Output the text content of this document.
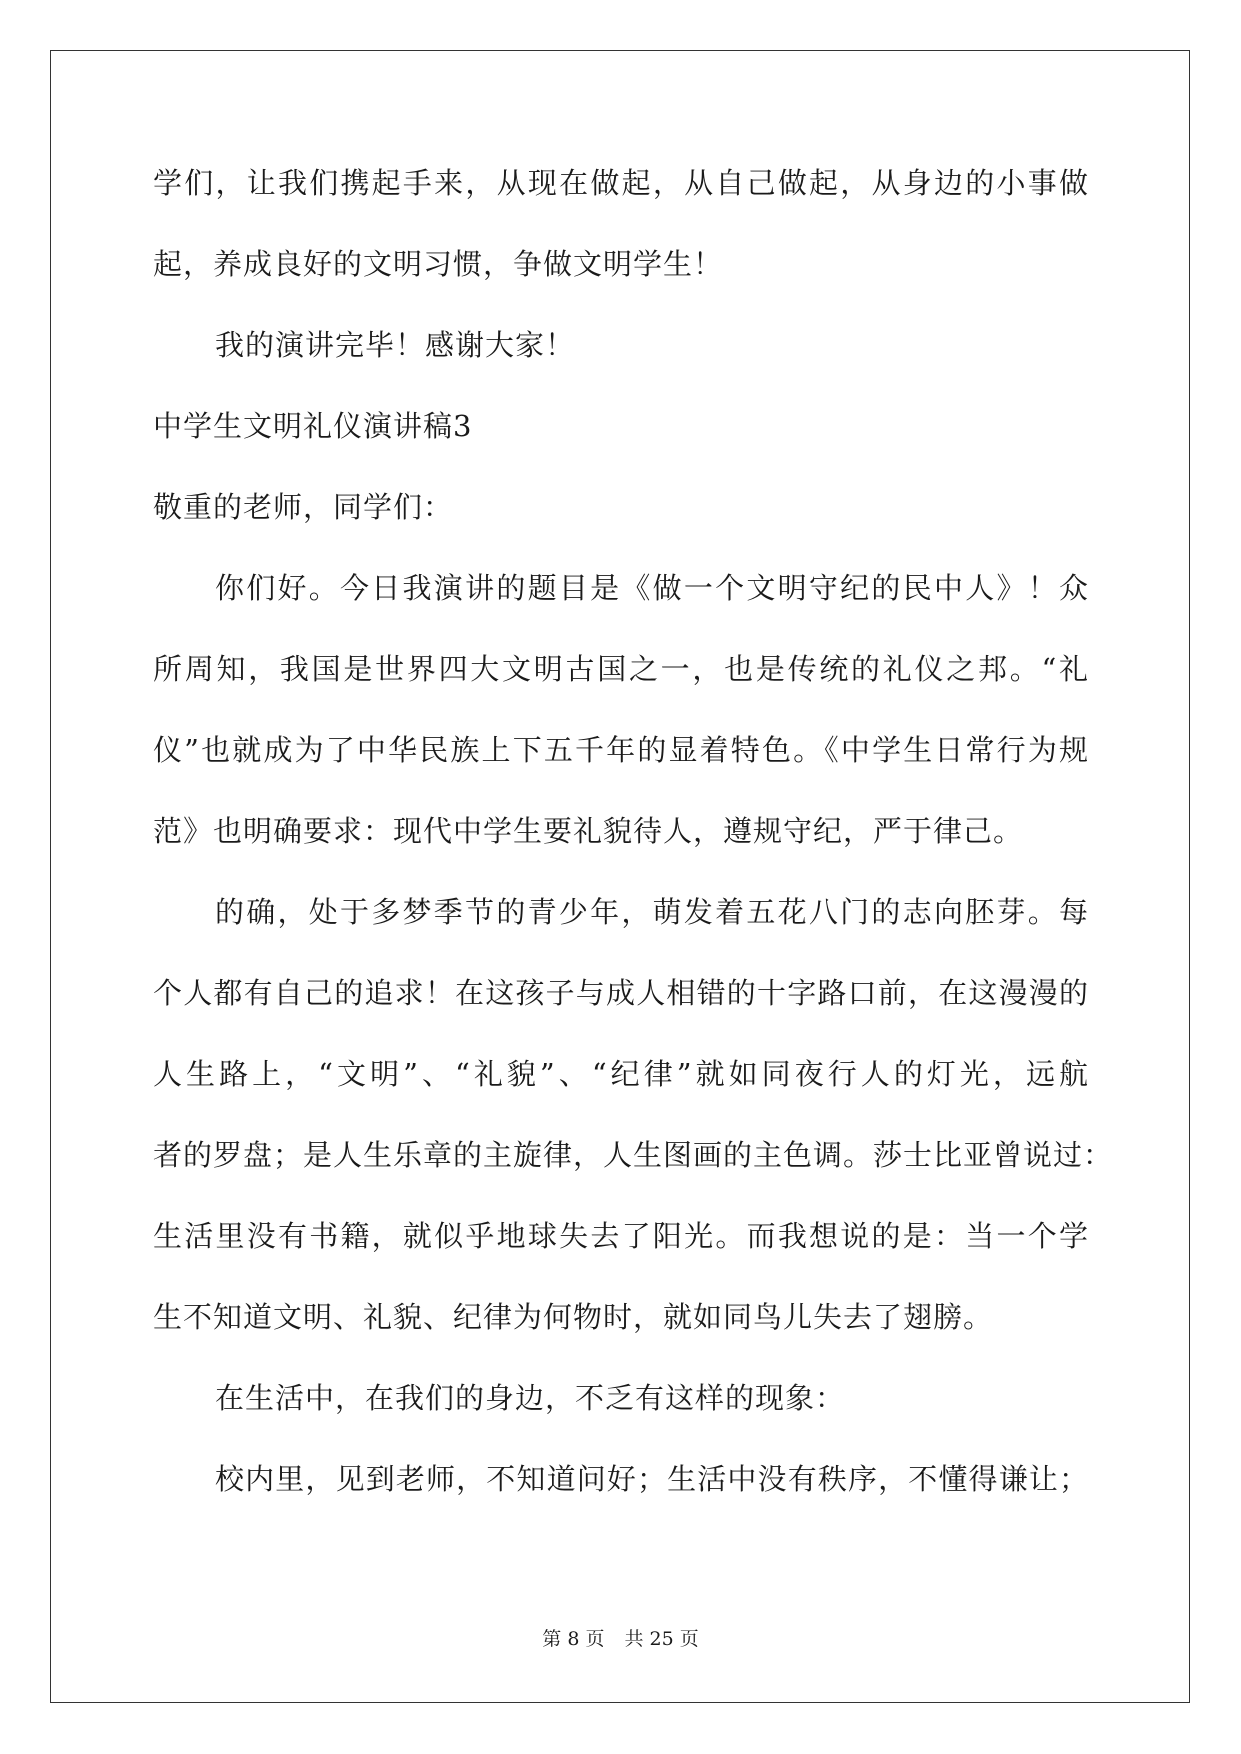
学们，让我们携起手来，从现在做起，从自己做起，从身边的小事做
起，养成良好的文明习惯，争做文明学生！
我的演讲完毕！感谢大家！
中学生文明礼仪演讲稿3
敬重的老师，同学们：
你们好。今日我演讲的题目是《做一个文明守纪的民中人》！众
所周知，我国是世界四大文明古国之一，也是传统的礼仪之邦。“礼
仪”也就成为了中华民族上下五千年的显着特色。《中学生日常行为规
范》也明确要求：现代中学生要礼貌待人，遵规守纪，严于律己。
的确，处于多梦季节的青少年，萌发着五花八门的志向胚芽。每
个人都有自己的追求！在这孩子与成人相错的十字路口前，在这漫漫的
人生路上，“文明”、“礼貌”、“纪律”就如同夜行人的灯光，远航
者的罗盘；是人生乐章的主旋律，人生图画的主色调。莎士比亚曾说过：
生活里没有书籍，就似乎地球失去了阳光。而我想说的是：当一个学
生不知道文明、礼貌、纪律为何物时，就如同鸟儿失去了翅膀。
在生活中，在我们的身边，不乏有这样的现象：
校内里，见到老师，不知道问好；生活中没有秩序，不懂得谦让；
第 8 页 共 25 页
